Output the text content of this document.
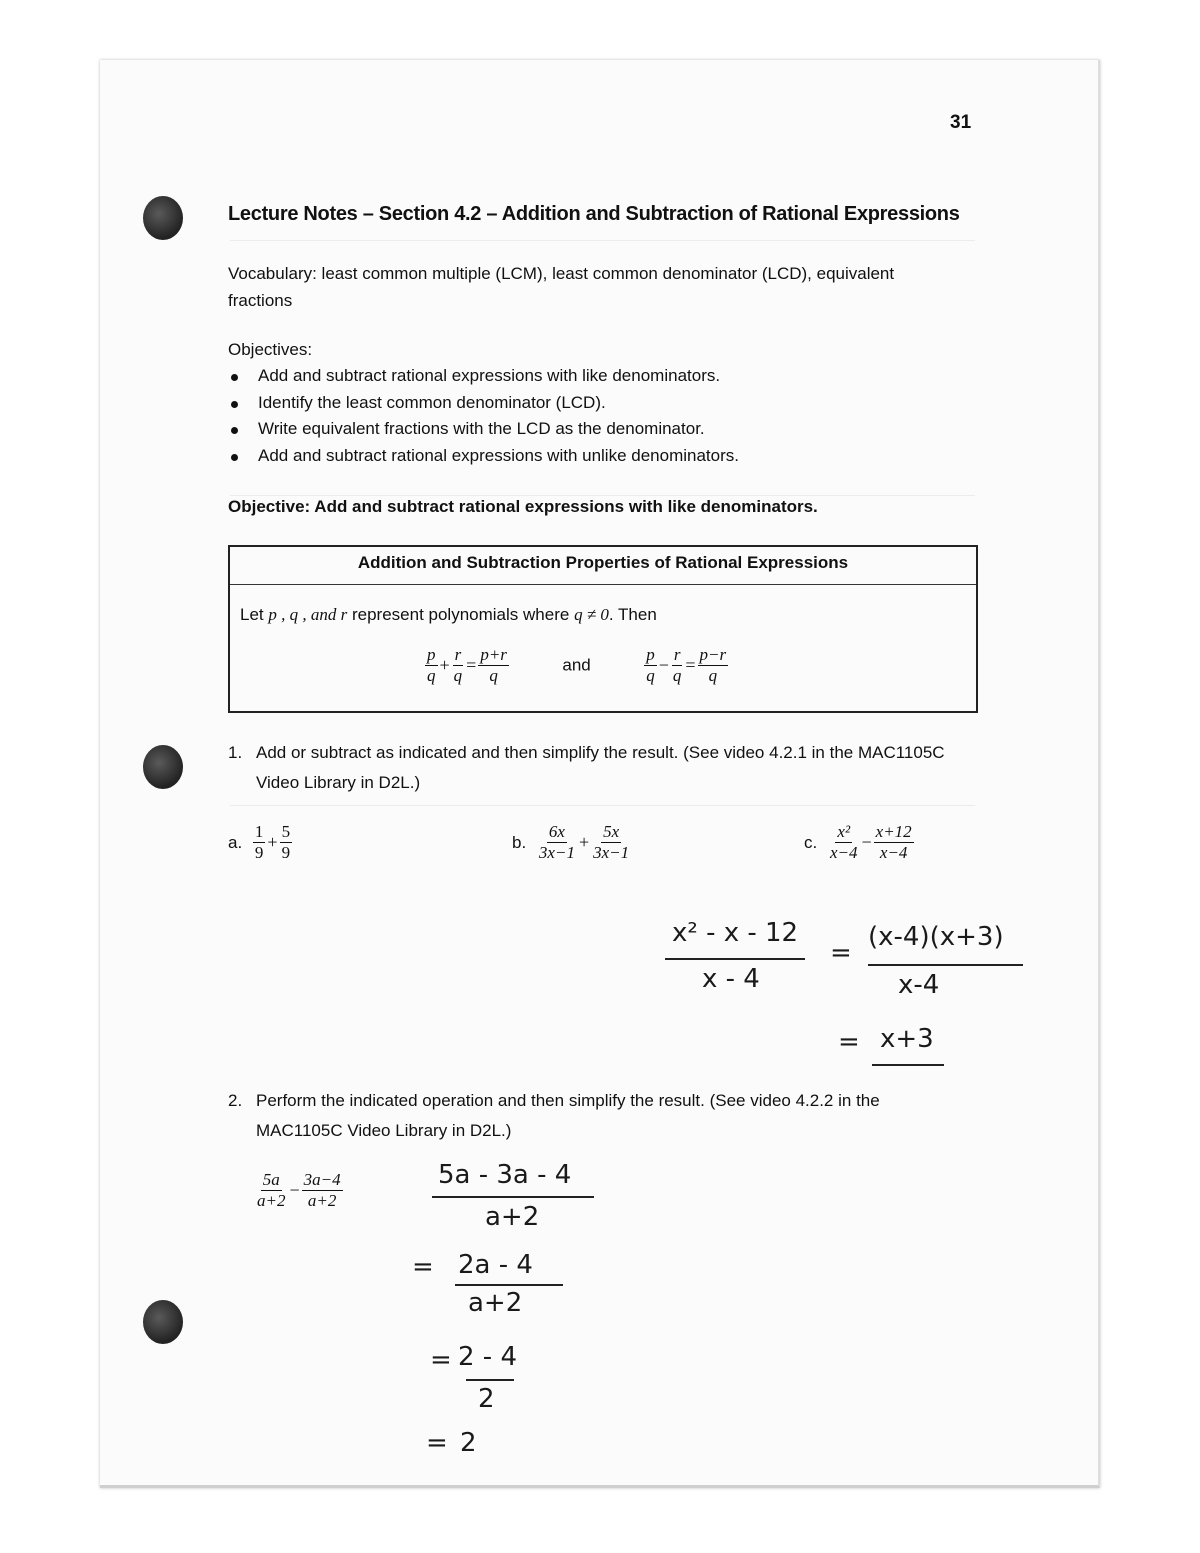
31
Lecture Notes – Section 4.2 – Addition and Subtraction of Rational Expressions
Vocabulary: least common multiple (LCM), least common denominator (LCD), equivalent fractions
Objectives:
Add and subtract rational expressions with like denominators.
Identify the least common denominator (LCD).
Write equivalent fractions with the LCD as the denominator.
Add and subtract rational expressions with unlike denominators.
Objective: Add and subtract rational expressions with like denominators.
Addition and Subtraction Properties of Rational Expressions
Let p , q , and r represent polynomials where q ≠ 0. Then
$\frac{p}{q} + \frac{r}{q} = \frac{p+r}{q}$	and	$\frac{p}{q} - \frac{r}{q} = \frac{p-r}{q}$
1. Add or subtract as indicated and then simplify the result. (See video 4.2.1 in the MAC1105C
Video Library in D2L.)
a. $\frac{1}{9} + \frac{5}{9}$	b. $\frac{6x}{3x-1} + \frac{5x}{3x-1}$	c. $\frac{\text{x²}}{x-4} - \frac{x+12}{x-4}$
x² - x - 12
x - 4
=
(x-4)(x+3)
x-4
= x+3
2. Perform the indicated operation and then simplify the result. (See video 4.2.2 in the
MAC1105C Video Library in D2L.)
$\frac{5a}{a+2} - \frac{3a-4}{a+2}$	5a - 3a - 4
a+2
= 2a - 4
a+2
= 2 - 4
2
= 2
